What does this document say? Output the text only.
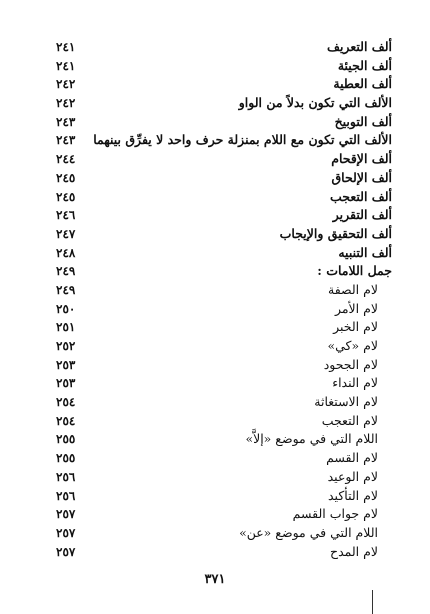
ألف التعريف
٢٤١
ألف الجيئة
٢٤١
ألف العطية
٢٤٢
الألف التي تكون بدلاً من الواو
٢٤٢
ألف التوبيخ
٢٤٣
الألف التي تكون مع اللام بمنزلة حرف واحد لا يفرِّق بينهما
٢٤٣
ألف الإقحام
٢٤٤
ألف الإلحاق
٢٤٥
ألف التعجب
٢٤٥
ألف التقرير
٢٤٦
ألف التحقيق والإيجاب
٢٤٧
ألف التنبيه
٢٤٨
جمل اللامات :
٢٤٩
لام الصفة
٢٤٩
لام الأمر
٢٥٠
لام الخبر
٢٥١
لام «كي»
٢٥٢
لام الجحود
٢٥٣
لام النداء
٢٥٣
لام الاستغاثة
٢٥٤
لام التعجب
٢٥٤
اللام التي في موضع «إلاَّ»
٢٥٥
لام القسم
٢٥٥
لام الوعيد
٢٥٦
لام التأكيد
٢٥٦
لام جواب القسم
٢٥٧
اللام التي في موضع «عن»
٢٥٧
لام المدح
٢٥٧
٣٧١
